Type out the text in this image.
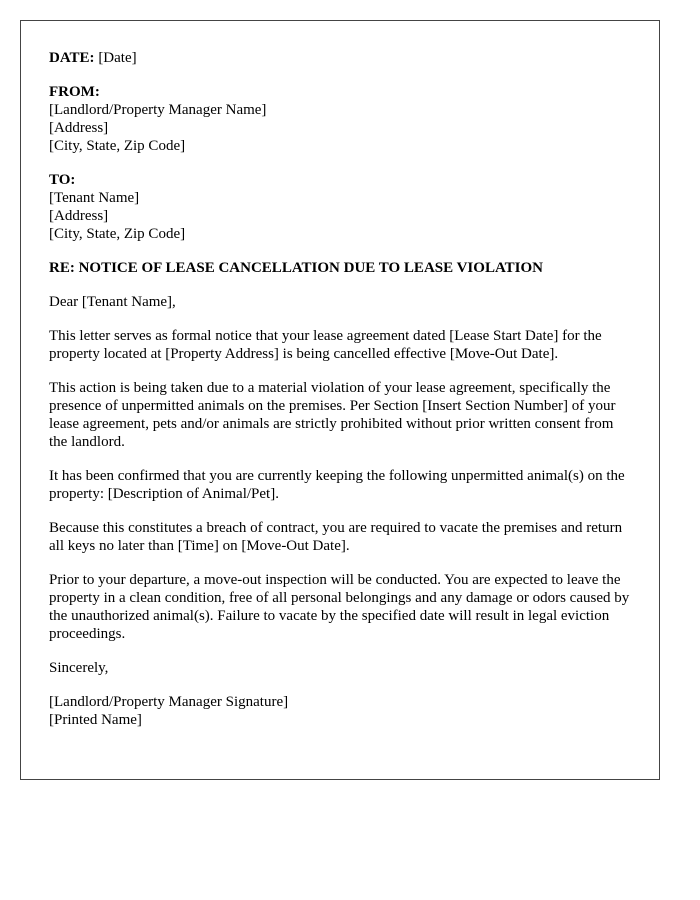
DATE: [Date]
FROM:
[Landlord/Property Manager Name]
[Address]
[City, State, Zip Code]
TO:
[Tenant Name]
[Address]
[City, State, Zip Code]
RE: NOTICE OF LEASE CANCELLATION DUE TO LEASE VIOLATION
Dear [Tenant Name],

This letter serves as formal notice that your lease agreement dated [Lease Start Date] for the property located at [Property Address] is being cancelled effective [Move-Out Date].

This action is being taken due to a material violation of your lease agreement, specifically the presence of unpermitted animals on the premises. Per Section [Insert Section Number] of your lease agreement, pets and/or animals are strictly prohibited without prior written consent from the landlord.

It has been confirmed that you are currently keeping the following unpermitted animal(s) on the property: [Description of Animal/Pet].

Because this constitutes a breach of contract, you are required to vacate the premises and return all keys no later than [Time] on [Move-Out Date].

Prior to your departure, a move-out inspection will be conducted. You are expected to leave the property in a clean condition, free of all personal belongings and any damage or odors caused by the unauthorized animal(s). Failure to vacate by the specified date will result in legal eviction proceedings.

Sincerely,
[Landlord/Property Manager Signature]
[Printed Name]
